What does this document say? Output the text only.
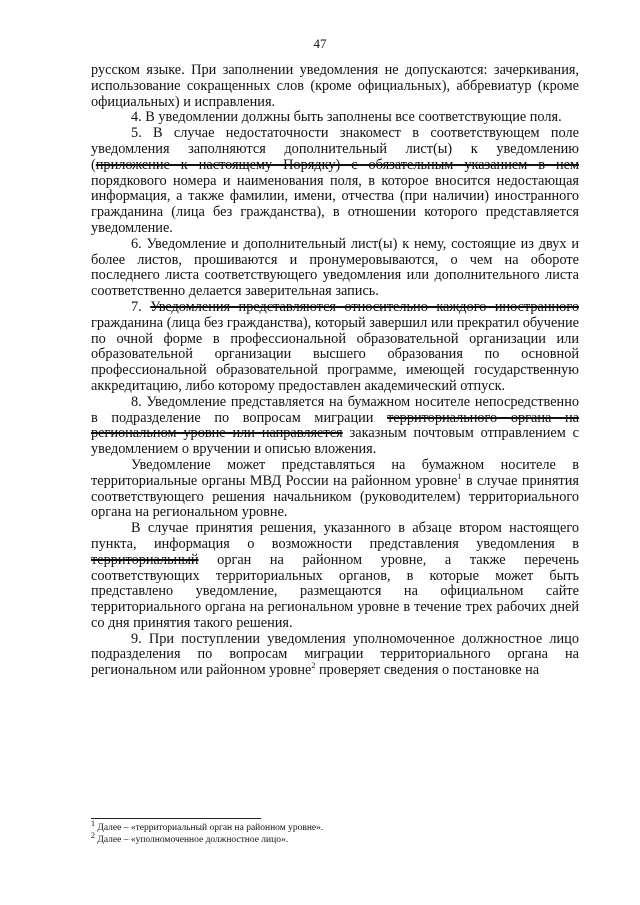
47

русском языке. При заполнении уведомления не допускаются: зачеркивания, использование сокращенных слов (кроме официальных), аббревиатур (кроме официальных) и исправления.

4. В уведомлении должны быть заполнены все соответствующие поля.

5. В случае недостаточности знакомест в соответствующем поле уведомления заполняются дополнительный лист(ы) к уведомлению (приложение к настоящему Порядку) с обязательным указанием в нем порядкового номера и наименования поля, в которое вносится недостающая информация, а также фамилии, имени, отчества (при наличии) иностранного гражданина (лица без гражданства), в отношении которого представляется уведомление.

6. Уведомление и дополнительный лист(ы) к нему, состоящие из двух и более листов, прошиваются и пронумеровываются, о чем на обороте последнего листа соответствующего уведомления или дополнительного листа соответственно делается заверительная запись.

7. Уведомления представляются относительно каждого иностранного гражданина (лица без гражданства), который завершил или прекратил обучение по очной форме в профессиональной образовательной организации или образовательной организации высшего образования по основной профессиональной образовательной программе, имеющей государственную аккредитацию, либо которому предоставлен академический отпуск.

8. Уведомление представляется на бумажном носителе непосредственно в подразделение по вопросам миграции территориального органа на региональном уровне или направляется заказным почтовым отправлением с уведомлением о вручении и описью вложения.

Уведомление может представляться на бумажном носителе в территориальные органы МВД России на районном уровне$^1$ в случае принятия соответствующего решения начальником (руководителем) территориального органа на региональном уровне.

В случае принятия решения, указанного в абзаце втором настоящего пункта, информация о возможности представления уведомления в территориальный орган на районном уровне, а также перечень соответствующих территориальных органов, в которые может быть представлено уведомление, размещаются на официальном сайте территориального органа на региональном уровне в течение трех рабочих дней со дня принятия такого решения.

9. При поступлении уведомления уполномоченное должностное лицо подразделения по вопросам миграции территориального органа на региональном или районном уровне$^2$ проверяет сведения о постановке на

$^1$ Далее – «территориальный орган на районном уровне».

$^2$ Далее – «уполномоченное должностное лицо».
